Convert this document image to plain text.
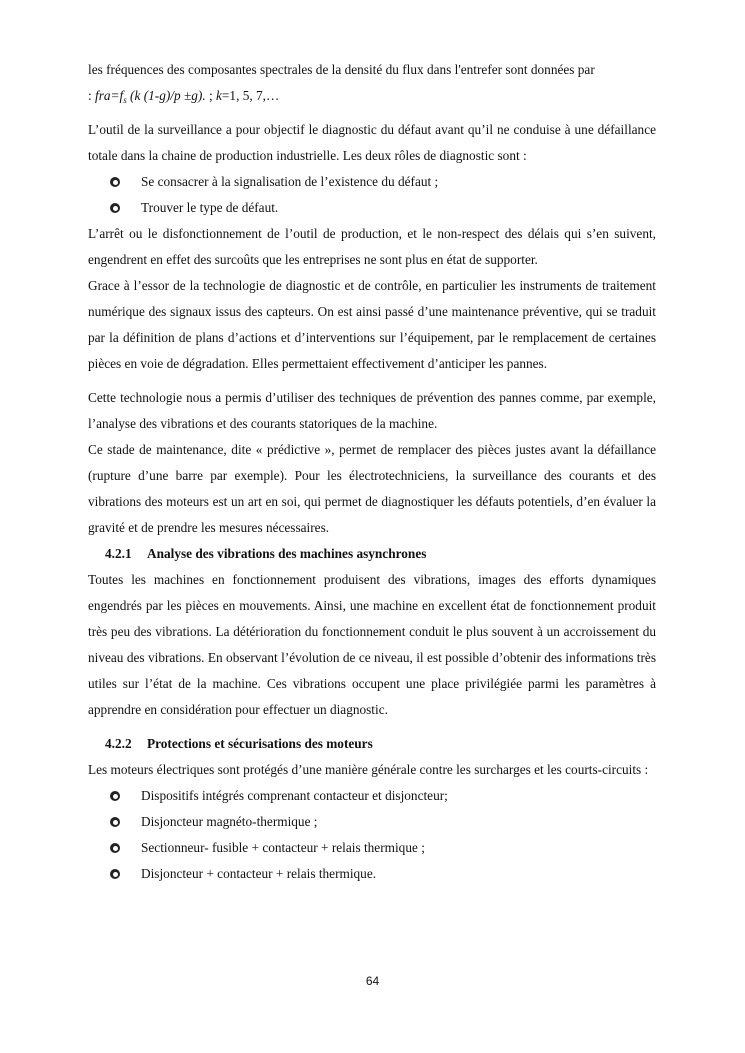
les fréquences des composantes spectrales de la densité du flux dans l'entrefer sont données par

: $fra=f_s$ (k (1-g)/p ±g). ; k=1, 5, 7,…

L’outil de la surveillance a pour objectif le diagnostic du défaut avant qu’il ne conduise à une défaillance totale dans la chaine de production industrielle. Les deux rôles de diagnostic sont :

Se consacrer à la signalisation de l’existence du défaut ;
Trouver le type de défaut.

L’arrêt ou le disfonctionnement de l’outil de production, et le non-respect des délais qui s’en suivent, engendrent en effet des surcoûts que les entreprises ne sont plus en état de supporter.

Grace à l’essor de la technologie de diagnostic et de contrôle, en particulier les instruments de traitement numérique des signaux issus des capteurs. On est ainsi passé d’une maintenance préventive, qui se traduit par la définition de plans d’actions et d’interventions sur l’équipement, par le remplacement de certaines pièces en voie de dégradation. Elles permettaient effectivement d’anticiper les pannes.

Cette technologie nous a permis d’utiliser des techniques de prévention des pannes comme, par exemple, l’analyse des vibrations et des courants statoriques de la machine.

Ce stade de maintenance, dite « prédictive », permet de remplacer des pièces justes avant la défaillance (rupture d’une barre par exemple). Pour les électrotechniciens, la surveillance des courants et des vibrations des moteurs est un art en soi, qui permet de diagnostiquer les défauts potentiels, d’en évaluer la gravité et de prendre les mesures nécessaires.

4.2.1 Analyse des vibrations des machines asynchrones

Toutes les machines en fonctionnement produisent des vibrations, images des efforts dynamiques engendrés par les pièces en mouvements. Ainsi, une machine en excellent état de fonctionnement produit très peu des vibrations. La détérioration du fonctionnement conduit le plus souvent à un accroissement du niveau des vibrations. En observant l’évolution de ce niveau, il est possible d’obtenir des informations très utiles sur l’état de la machine. Ces vibrations occupent une place privilégiée parmi les paramètres à apprendre en considération pour effectuer un diagnostic.

4.2.2 Protections et sécurisations des moteurs

Les moteurs électriques sont protégés d’une manière générale contre les surcharges et les courts-circuits :

Dispositifs intégrés comprenant contacteur et disjoncteur;
Disjoncteur magnéto-thermique ;
Sectionneur- fusible + contacteur + relais thermique ;
Disjoncteur + contacteur + relais thermique.
64
